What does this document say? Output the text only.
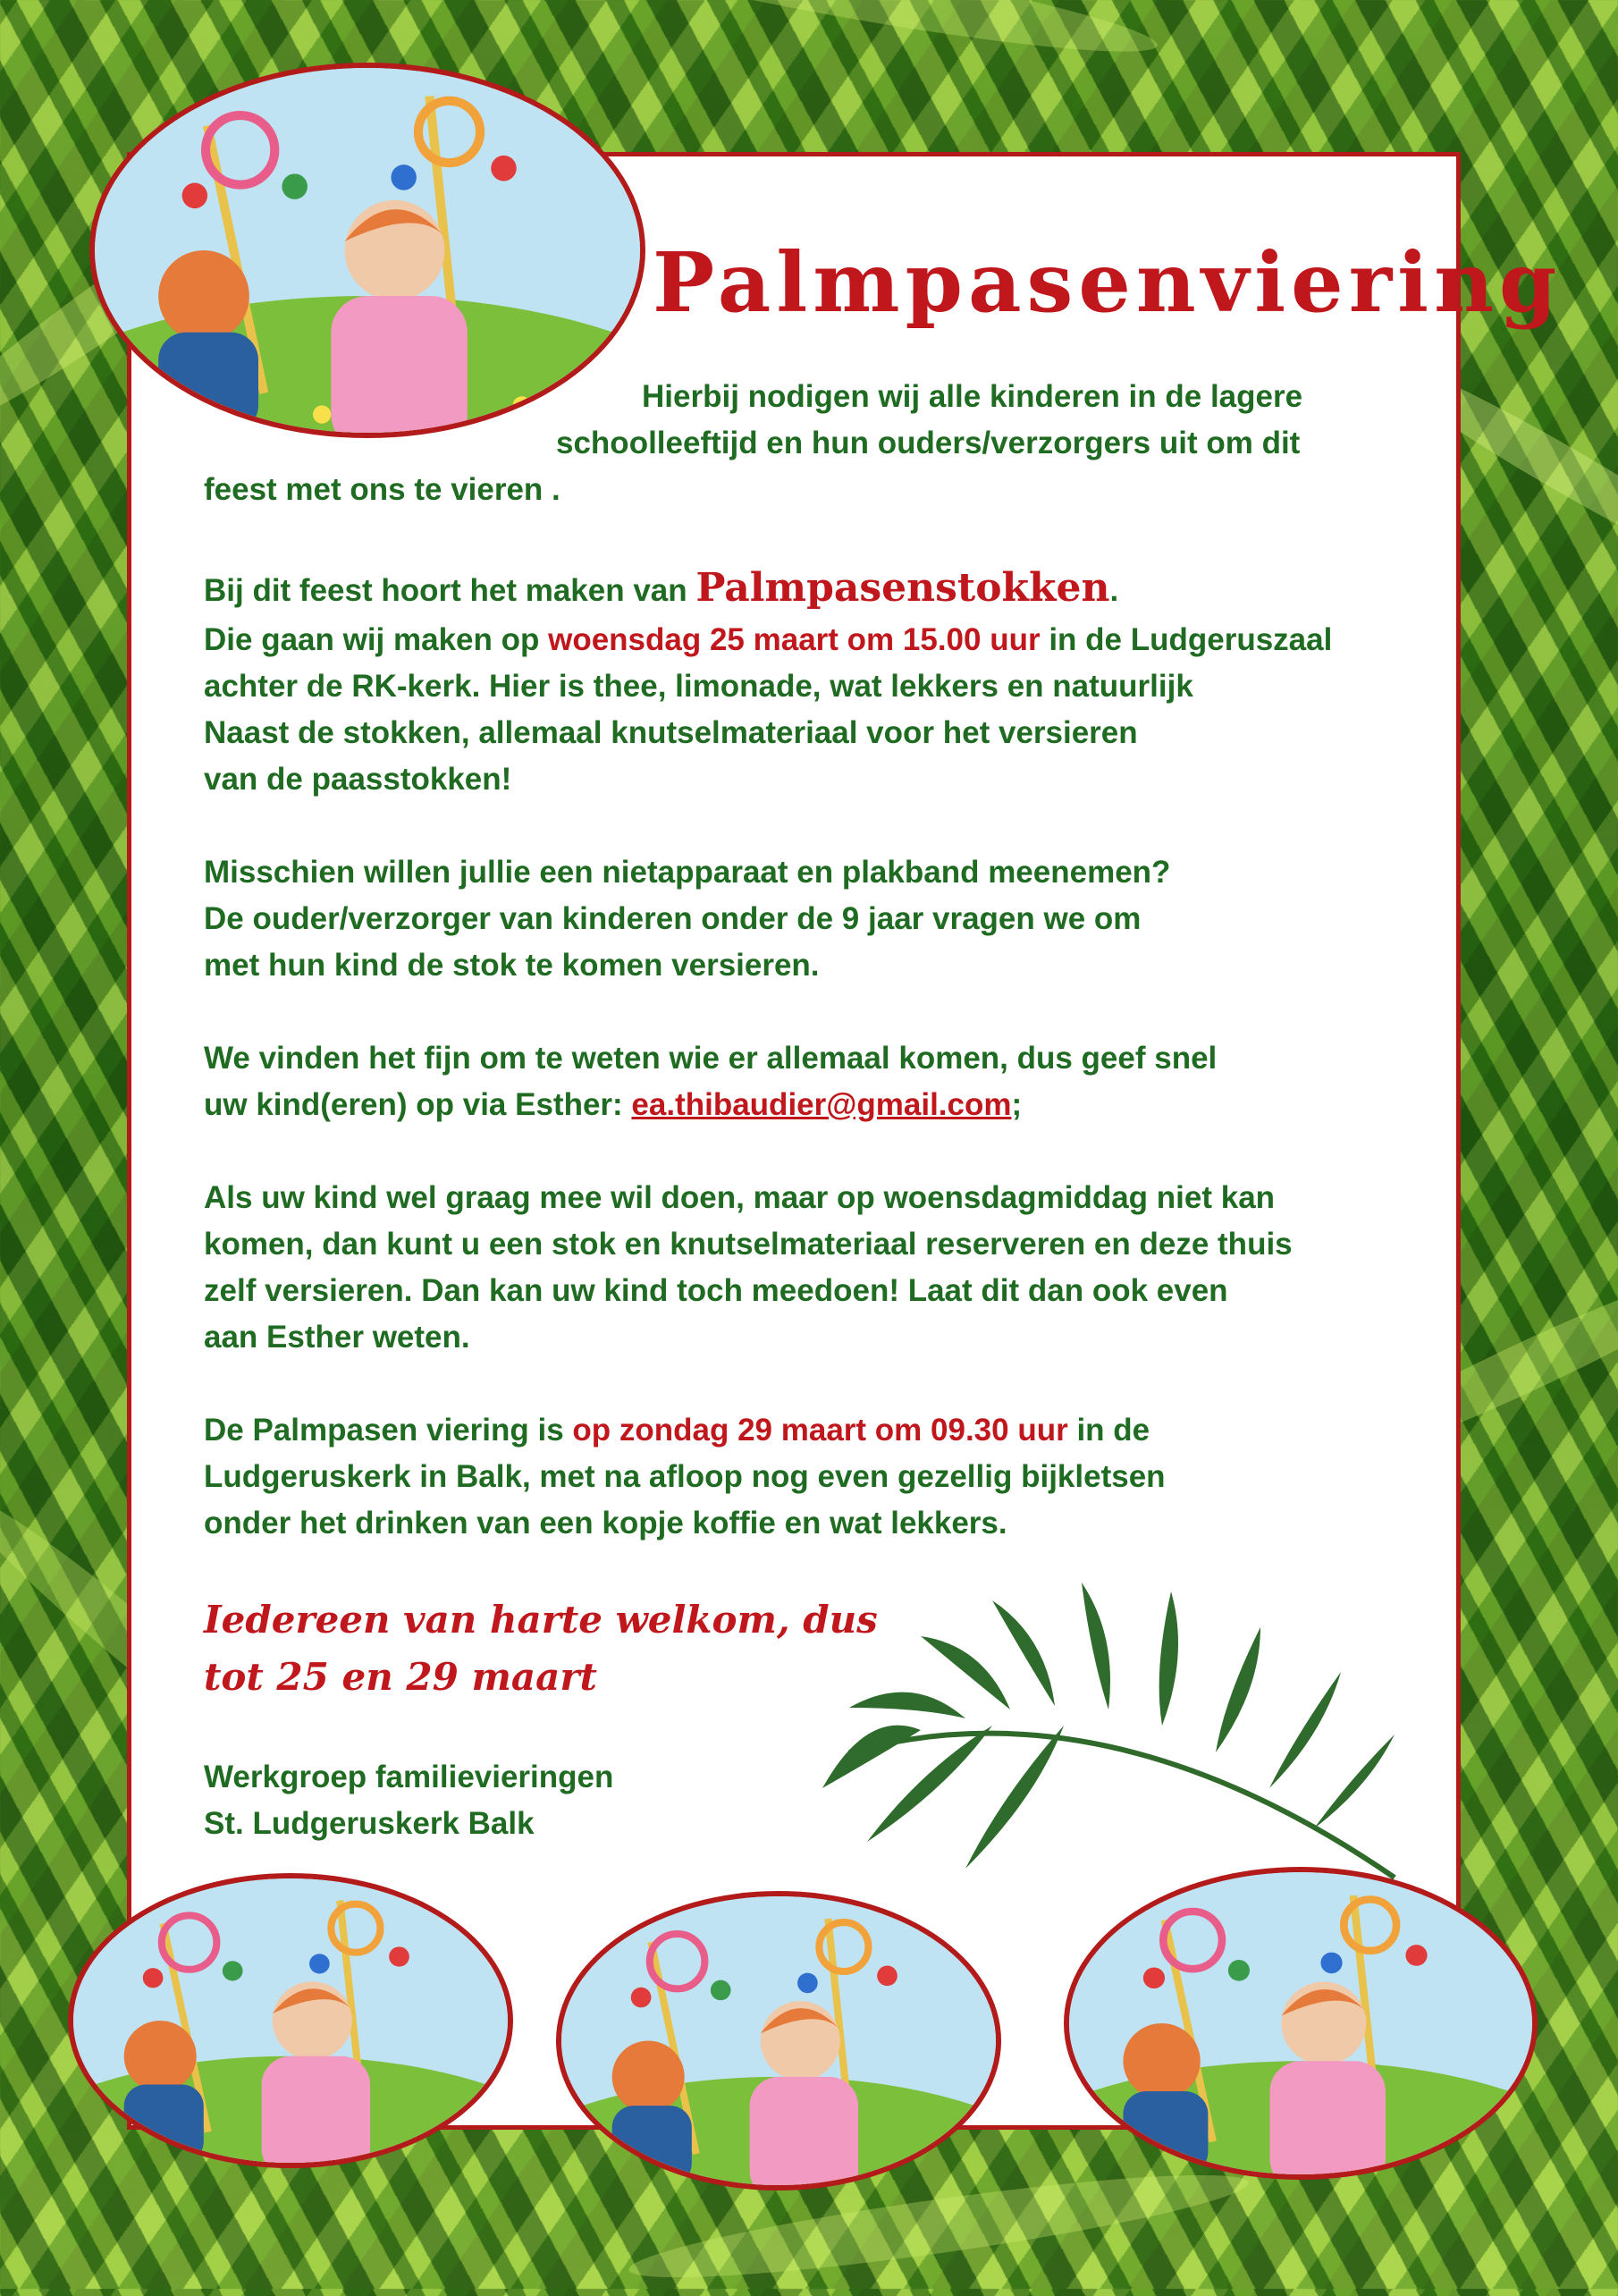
Palmpasenviering

Hierbij nodigen wij alle kinderen in de lagere

schoolleeftijd en hun ouders/verzorgers uit om dit

feest met ons te vieren .

Bij dit feest hoort het maken van Palmpasenstokken.

Die gaan wij maken op woensdag 25 maart om 15.00 uur in de Ludgeruszaal

achter de RK-kerk. Hier is thee, limonade, wat lekkers en natuurlijk

Naast de stokken, allemaal knutselmateriaal voor het versieren

van de paasstokken!

Misschien willen jullie een nietapparaat en plakband meenemen?

De ouder/verzorger van kinderen onder de 9 jaar vragen we om

met hun kind de stok te komen versieren.

We vinden het fijn om te weten wie er allemaal komen, dus geef snel

uw kind(eren) op via Esther: ea.thibaudier@gmail.com;

Als uw kind wel graag mee wil doen, maar op woensdagmiddag niet kan

komen, dan kunt u een stok en knutselmateriaal reserveren en deze thuis

zelf versieren. Dan kan uw kind toch meedoen! Laat dit dan ook even

aan Esther weten.

De Palmpasen viering is op zondag 29 maart om 09.30 uur in de

Ludgeruskerk in Balk, met na afloop nog even gezellig bijkletsen

onder het drinken van een kopje koffie en wat lekkers.

Iedereen van harte welkom, dus
tot 25 en 29 maart

Werkgroep familievieringen

St. Ludgeruskerk Balk
